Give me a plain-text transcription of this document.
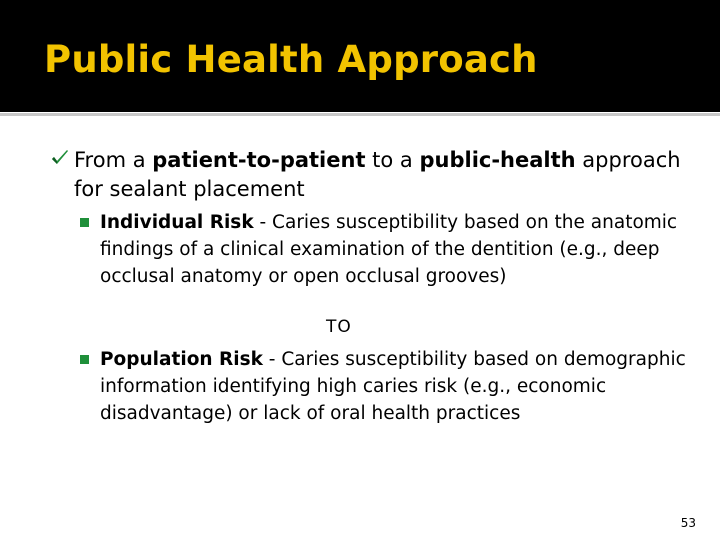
Public Health Approach
From a patient-to-patient to a public-health approach for sealant placement
Individual Risk - Caries susceptibility based on the anatomic findings of a clinical examination of the dentition (e.g., deep occlusal anatomy or open occlusal grooves)
TO
Population Risk - Caries susceptibility based on demographic information identifying high caries risk (e.g., economic disadvantage) or lack of oral health practices
53
